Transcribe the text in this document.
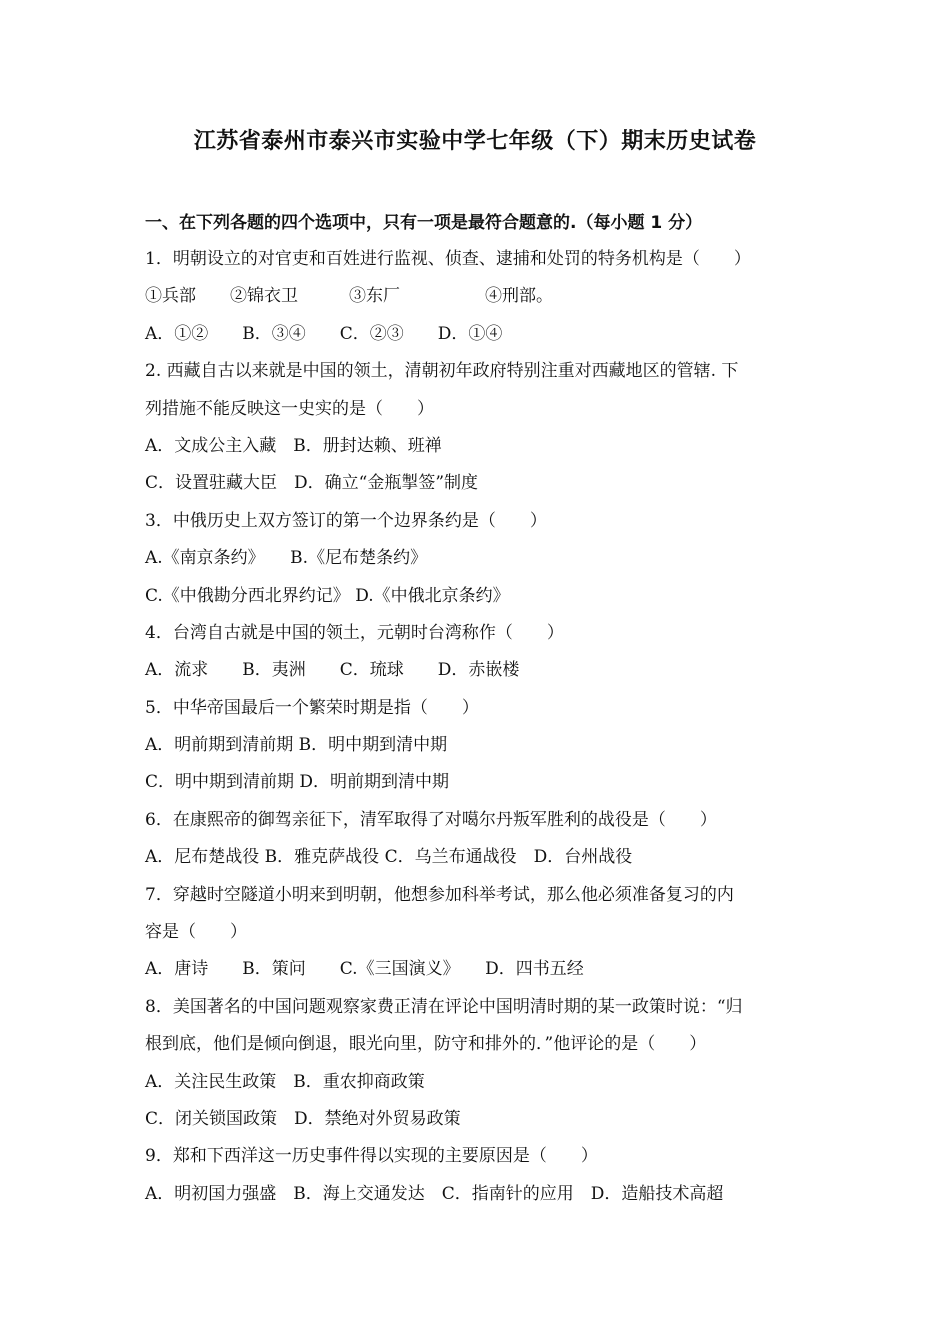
江苏省泰州市泰兴市实验中学七年级（下）期末历史试卷
一、在下列各题的四个选项中，只有一项是最符合题意的.（每小题 1 分）
1．明朝设立的对官吏和百姓进行监视、侦查、逮捕和处罚的特务机构是（　　）
①兵部　　②锦衣卫　　　③东厂　　　　　④刑部。
A．①②　　B．③④　　C．②③　　D．①④
2. 西藏自古以来就是中国的领土，清朝初年政府特别注重对西藏地区的管辖. 下
列措施不能反映这一史实的是（　　）
A．文成公主入藏　B．册封达赖、班禅
C．设置驻藏大臣　D．确立“金瓶掣签”制度
3．中俄历史上双方签订的第一个边界条约是（　　）
A.《南京条约》　　B.《尼布楚条约》
C.《中俄勘分西北界约记》 D.《中俄北京条约》
4．台湾自古就是中国的领土，元朝时台湾称作（　　）
A．流求　　B．夷洲　　C．琉球　　D．赤嵌楼
5．中华帝国最后一个繁荣时期是指（　　）
A．明前期到清前期 B．明中期到清中期
C．明中期到清前期 D．明前期到清中期
6．在康熙帝的御驾亲征下，清军取得了对噶尔丹叛军胜利的战役是（　　）
A．尼布楚战役 B．雅克萨战役 C．乌兰布通战役　D．台州战役
7．穿越时空隧道小明来到明朝，他想参加科举考试，那么他必须准备复习的内
容是（　　）
A．唐诗　　B．策问　　C.《三国演义》　　D．四书五经
8．美国著名的中国问题观察家费正清在评论中国明清时期的某一政策时说：“归
根到底，他们是倾向倒退，眼光向里，防守和排外的．”他评论的是（　　）
A．关注民生政策　B．重农抑商政策
C．闭关锁国政策　D．禁绝对外贸易政策
9．郑和下西洋这一历史事件得以实现的主要原因是（　　）
A．明初国力强盛　B．海上交通发达　C．指南针的应用　D．造船技术高超
